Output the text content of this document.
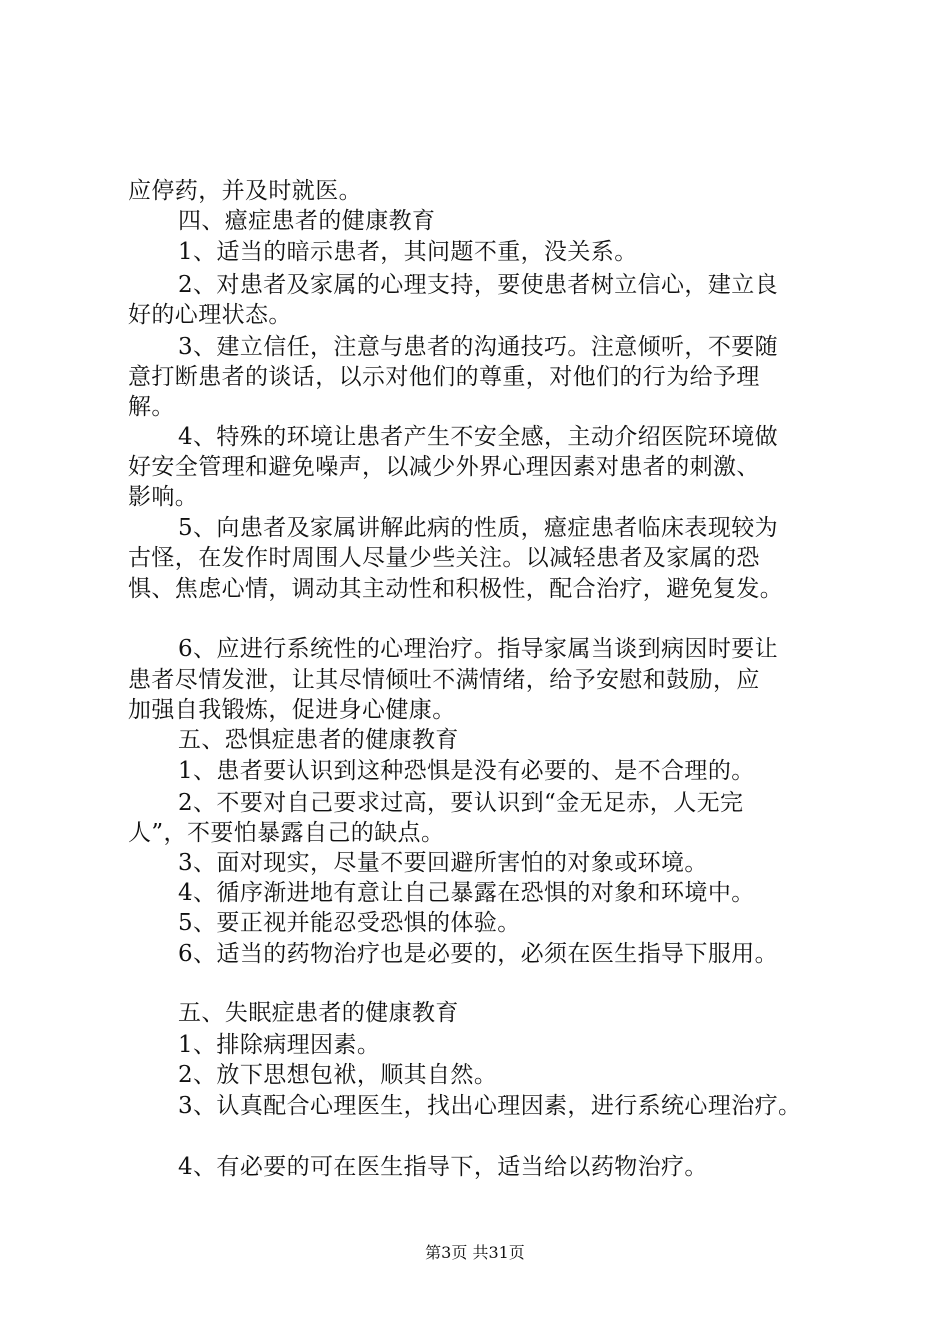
应停药，并及时就医。
四、癔症患者的健康教育
1、适当的暗示患者，其问题不重，没关系。
2、对患者及家属的心理支持，要使患者树立信心，建立良
好的心理状态。
3、建立信任，注意与患者的沟通技巧。注意倾听，不要随
意打断患者的谈话，以示对他们的尊重，对他们的行为给予理
解。
4、特殊的环境让患者产生不安全感，主动介绍医院环境做
好安全管理和避免噪声，以减少外界心理因素对患者的刺激、
影响。
5、向患者及家属讲解此病的性质，癔症患者临床表现较为
古怪，在发作时周围人尽量少些关注。以减轻患者及家属的恐
惧、焦虑心情，调动其主动性和积极性，配合治疗，避免复发。
6、应进行系统性的心理治疗。指导家属当谈到病因时要让
患者尽情发泄，让其尽情倾吐不满情绪，给予安慰和鼓励，应
加强自我锻炼，促进身心健康。
五、恐惧症患者的健康教育
1、患者要认识到这种恐惧是没有必要的、是不合理的。
2、不要对自己要求过高，要认识到“金无足赤，人无完
人”，不要怕暴露自己的缺点。
3、面对现实，尽量不要回避所害怕的对象或环境。
4、循序渐进地有意让自己暴露在恐惧的对象和环境中。
5、要正视并能忍受恐惧的体验。
6、适当的药物治疗也是必要的，必须在医生指导下服用。
五、失眠症患者的健康教育
1、排除病理因素。
2、放下思想包袱，顺其自然。
3、认真配合心理医生，找出心理因素，进行系统心理治疗。
4、有必要的可在医生指导下，适当给以药物治疗。
第3页 共31页
